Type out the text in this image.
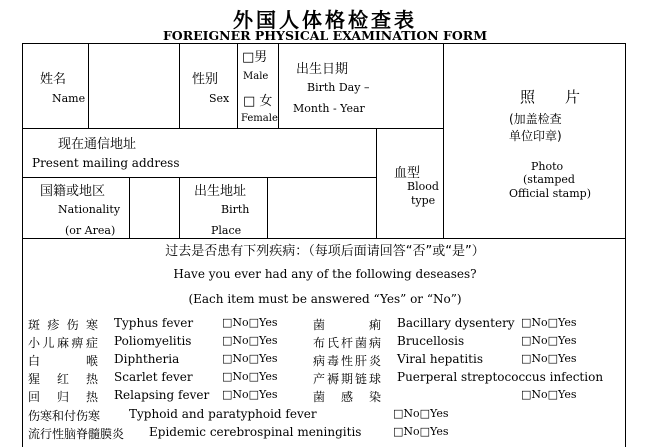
外国人体格检查表
FOREIGNER PHYSICAL EXAMINATION FORM
姓名
Name
性别
Sex
□男
Male
□ 女
Female
出生日期
Birth Day –
Month - Year
照　　片
(加盖检查
单位印章)
Photo
(stamped
Official stamp)
现在通信地址
Present mailing address
血型
Blood
type
国籍或地区
Nationality
(or Area)
出生地址
Birth
Place
过去是否患有下列疾病：（每项后面请回答“否”或“是”）
Have you ever had any of the following deseases?
(Each item must be answered “Yes” or “No”)
斑 疹 伤 寒 Typhus fever	□No□Yes
小 儿 麻 痹 症 Poliomyelitis	□No□Yes
白	喉 Diphtheria	□No□Yes
猩 红 热 Scarlet fever	□No□Yes
回 归 热 Relapsing fever □No□Yes
菌	痢 Bacillary dysentery □No□Yes
布 氏 杆 菌 病 Brucellosis	□No□Yes
病 毒 性 肝 炎 Viral hepatitis	□No□Yes
产 褥 期 链 球 Puerperal streptococcus infection
菌 感 染	□No□Yes
伤寒和付伤寒 Typhoid and paratyphoid fever	□No□Yes
流行性脑脊髓膜炎 Epidemic cerebrospinal meningitis	□No□Yes
